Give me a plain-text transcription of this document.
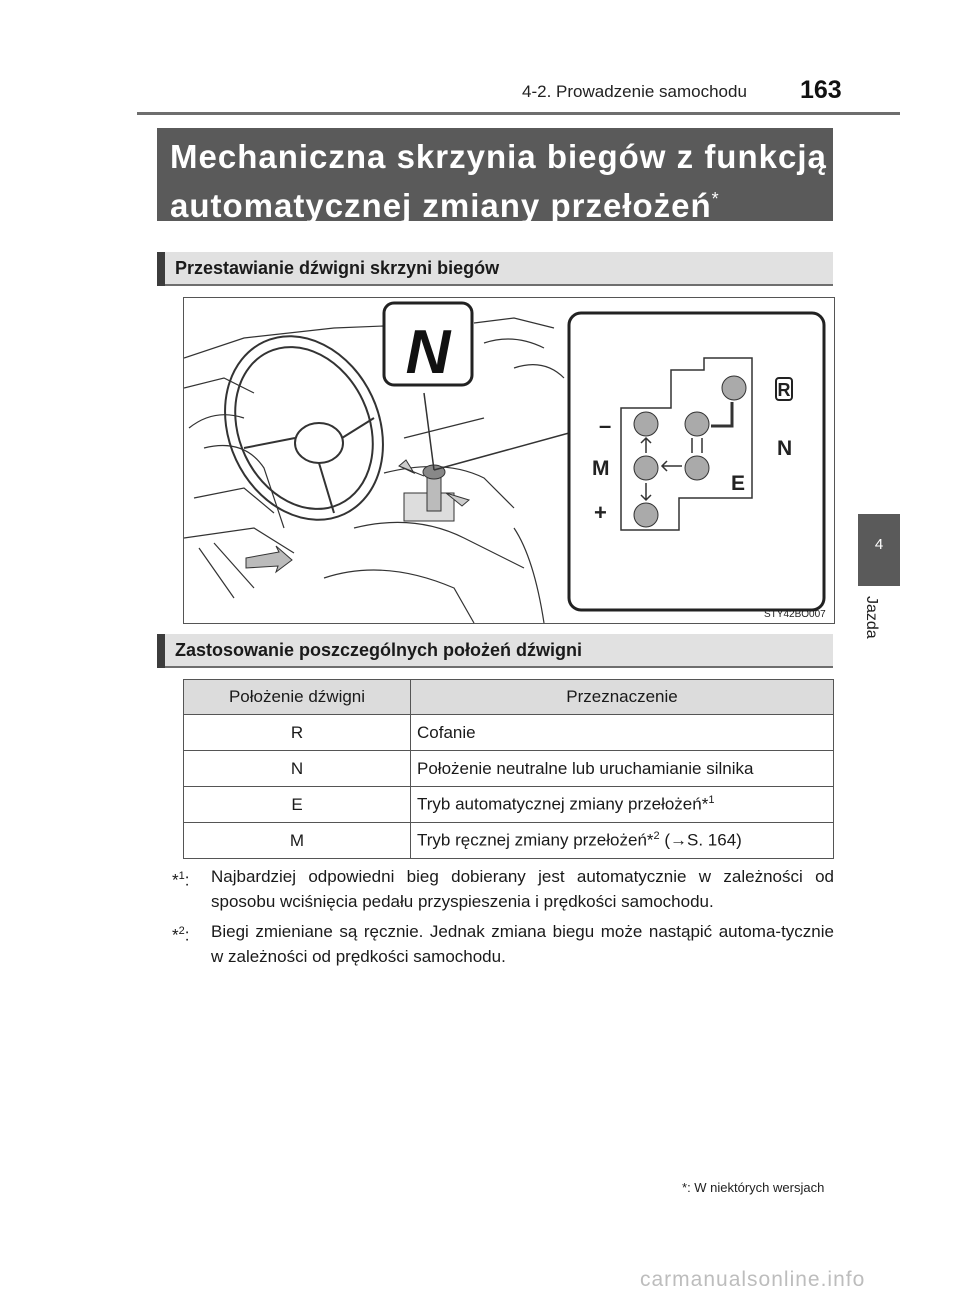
4-2. Prowadzenie samochodu 163
Mechaniczna skrzynia biegów z funkcją
automatycznej zmiany przełożeń*
Przestawianie dźwigni skrzyni biegów
N
–
M
+
R
N
E
STY42BO007
Zastosowanie poszczególnych położeń dźwigni
Położenie dźwigni	Przeznaczenie
R	Cofanie
N	Położenie neutralne lub uruchamianie silnika
E	Tryb automatycznej zmiany przełożeń*$^1$
M	Tryb ręcznej zmiany przełożeń*$^2$ (→S. 164)
*$^1$: Najbardziej odpowiedni bieg dobierany jest automatycznie w zależności od sposobu wciśnięcia pedału przyspieszenia i prędkości samochodu.
*$^2$: Biegi zmieniane są ręcznie. Jednak zmiana biegu może nastąpić automa-tycznie w zależności od prędkości samochodu.
*: W niektórych wersjach
4
Jazda
carmanualsonline.info
